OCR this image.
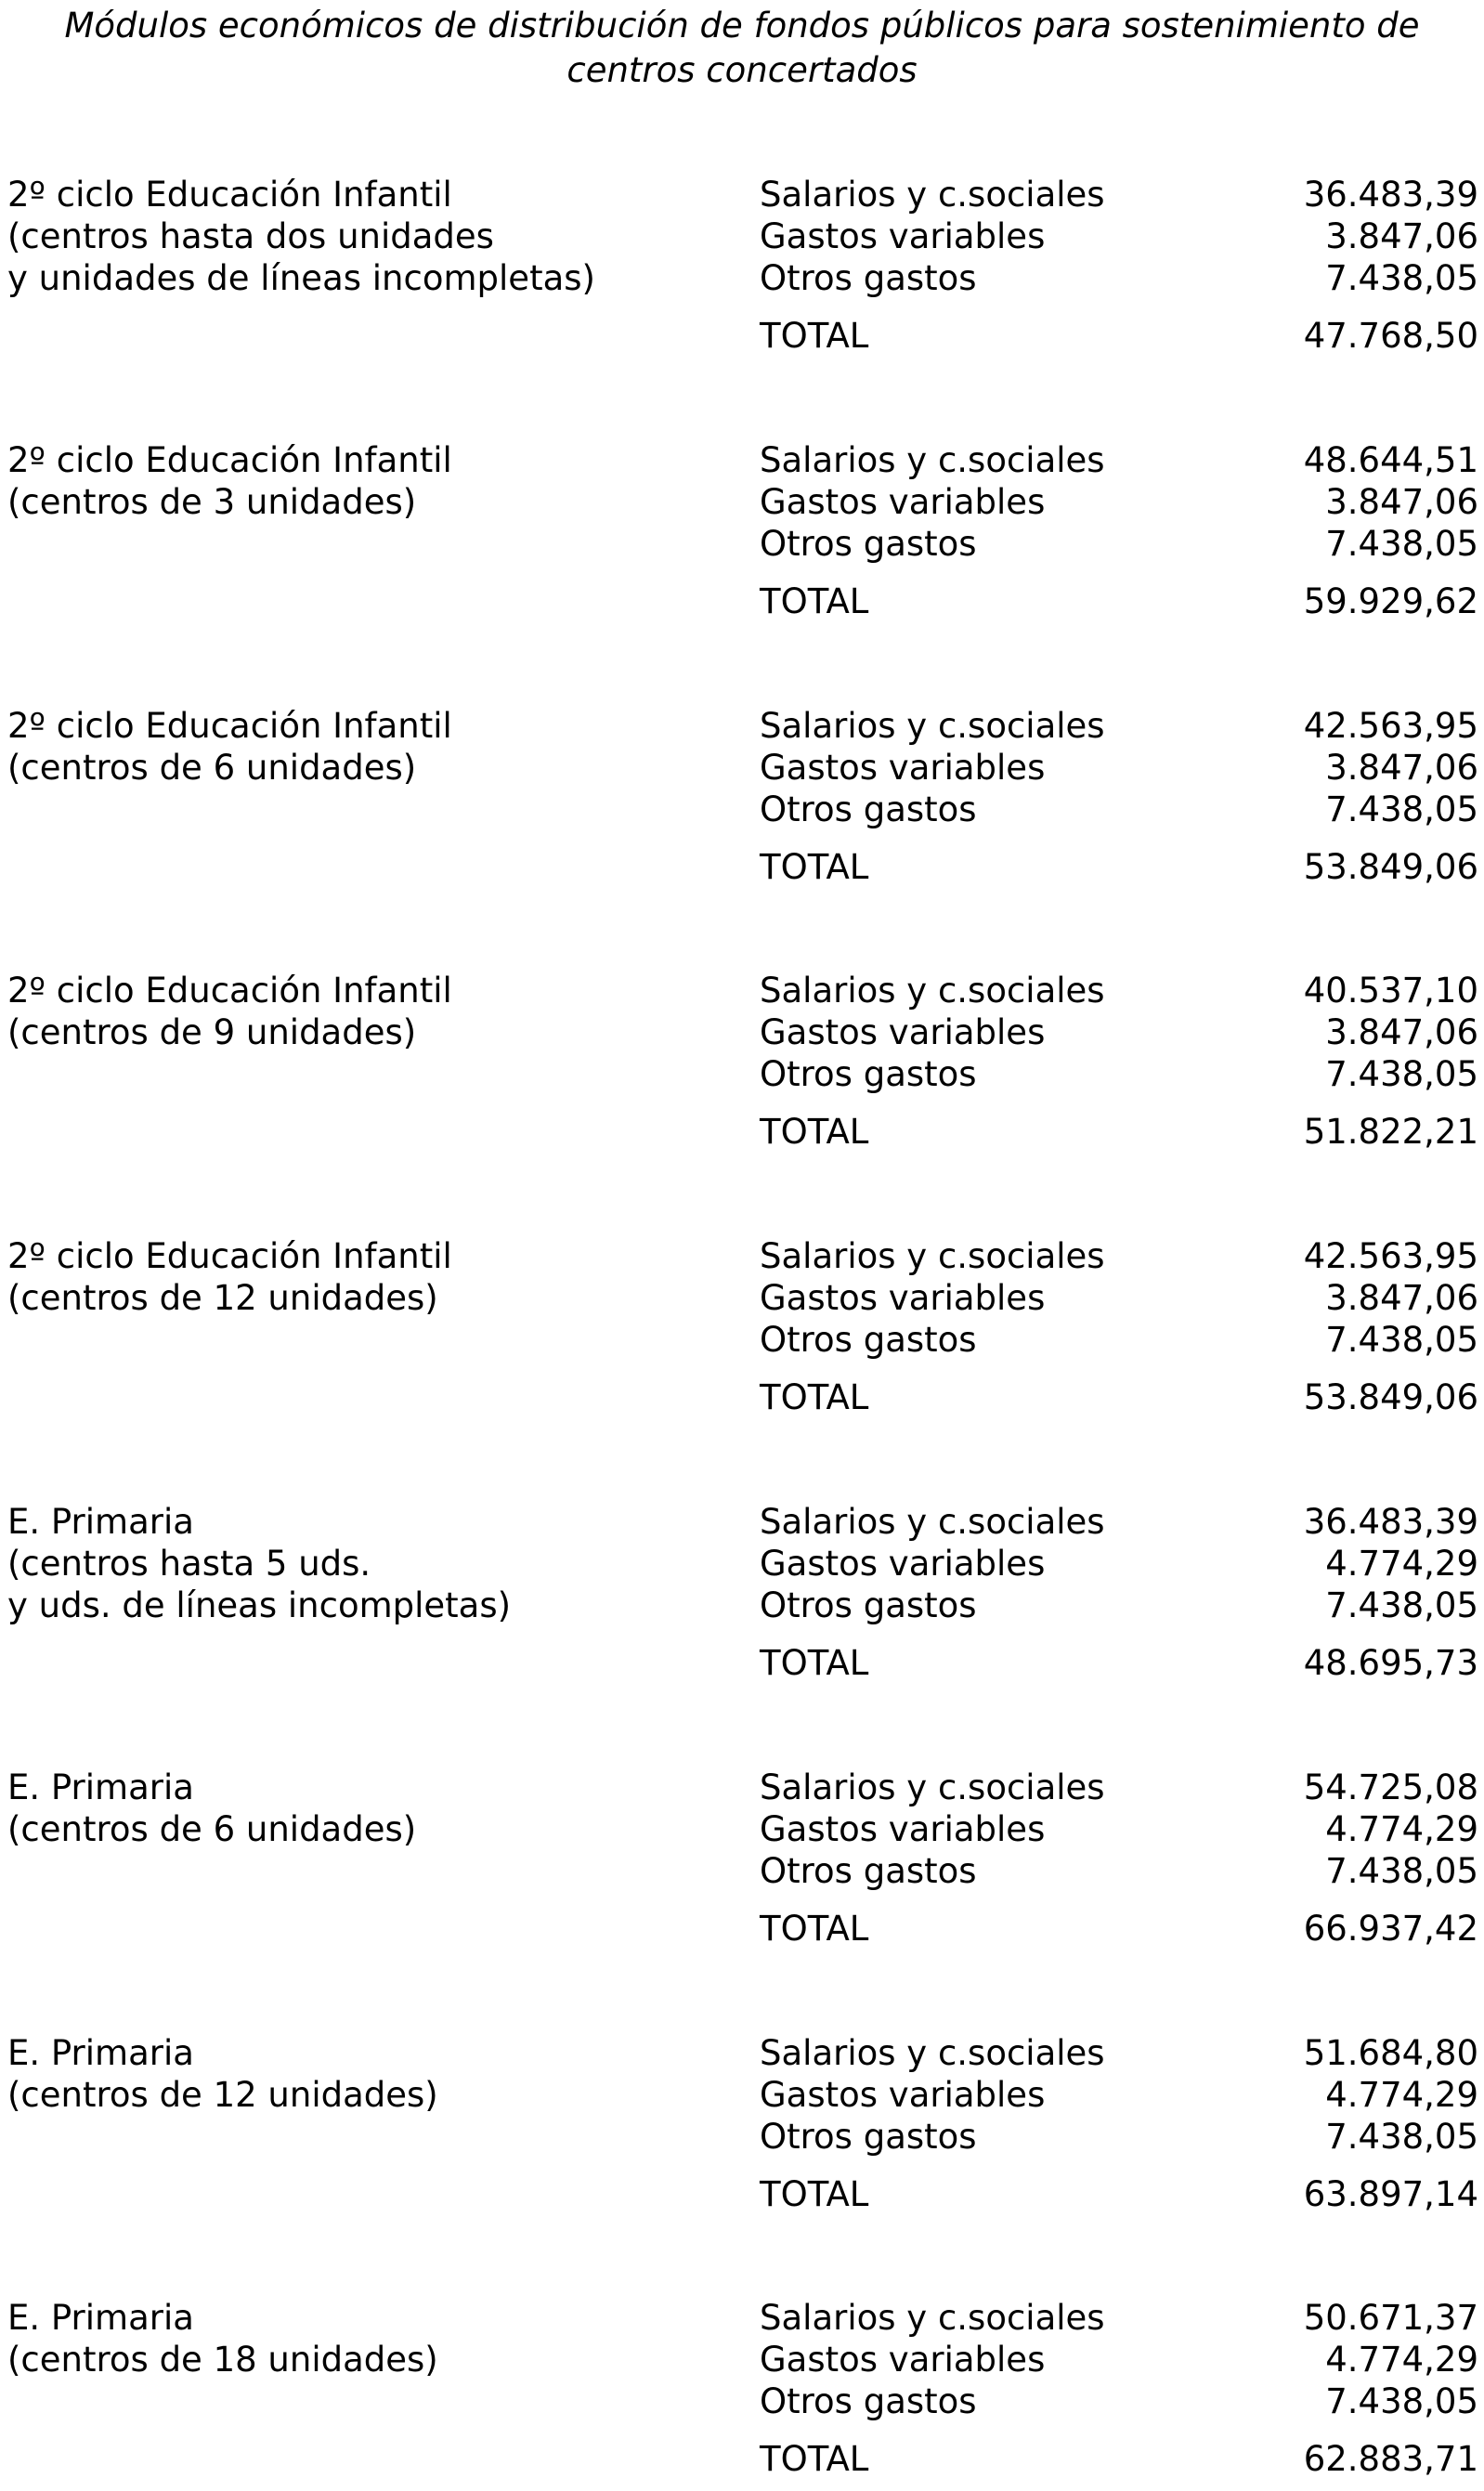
Módulos económicos de distribución de fondos públicos para sostenimiento de
centros concertados
2º ciclo Educación Infantil
(centros hasta dos unidades
y unidades de líneas incompletas)
Salarios y c.sociales	36.483,39
Gastos variables	3.847,06
Otros gastos	7.438,05
TOTAL	47.768,50
2º ciclo Educación Infantil
(centros de 3 unidades)
Salarios y c.sociales	48.644,51
Gastos variables	3.847,06
Otros gastos	7.438,05
TOTAL	59.929,62
2º ciclo Educación Infantil
(centros de 6 unidades)
Salarios y c.sociales	42.563,95
Gastos variables	3.847,06
Otros gastos	7.438,05
TOTAL	53.849,06
2º ciclo Educación Infantil
(centros de 9 unidades)
Salarios y c.sociales	40.537,10
Gastos variables	3.847,06
Otros gastos	7.438,05
TOTAL	51.822,21
2º ciclo Educación Infantil
(centros de 12 unidades)
Salarios y c.sociales	42.563,95
Gastos variables	3.847,06
Otros gastos	7.438,05
TOTAL	53.849,06
E. Primaria
(centros hasta 5 uds.
y uds. de líneas incompletas)
Salarios y c.sociales	36.483,39
Gastos variables	4.774,29
Otros gastos	7.438,05
TOTAL	48.695,73
E. Primaria
(centros de 6 unidades)
Salarios y c.sociales	54.725,08
Gastos variables	4.774,29
Otros gastos	7.438,05
TOTAL	66.937,42
E. Primaria
(centros de 12 unidades)
Salarios y c.sociales	51.684,80
Gastos variables	4.774,29
Otros gastos	7.438,05
TOTAL	63.897,14
E. Primaria
(centros de 18 unidades)
Salarios y c.sociales	50.671,37
Gastos variables	4.774,29
Otros gastos	7.438,05
TOTAL	62.883,71
